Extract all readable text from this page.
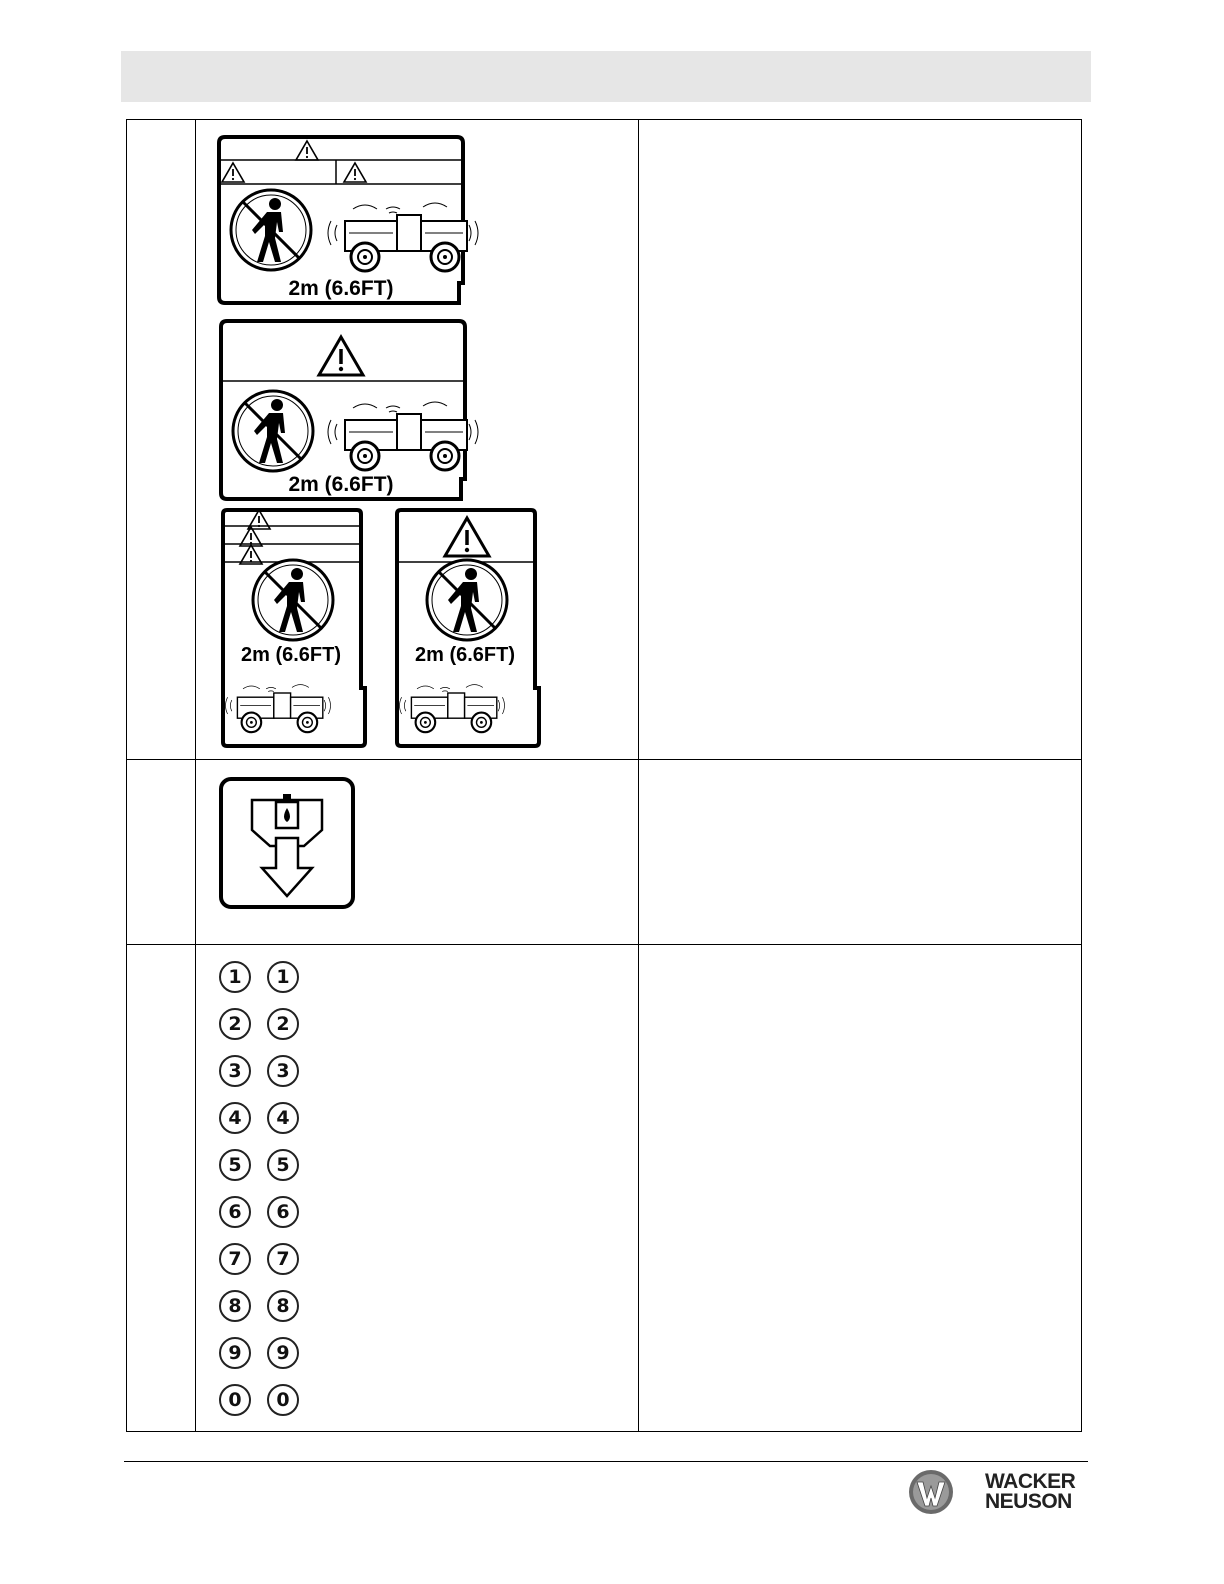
2m (6.6FT)
2m (6.6FT)
2m (6.6FT)	2m (6.6FT)
1	1
2	2
3	3
4	4
5	5
6	6
7	7
8	8
9	9
0	0
WACKER
NEUSON
